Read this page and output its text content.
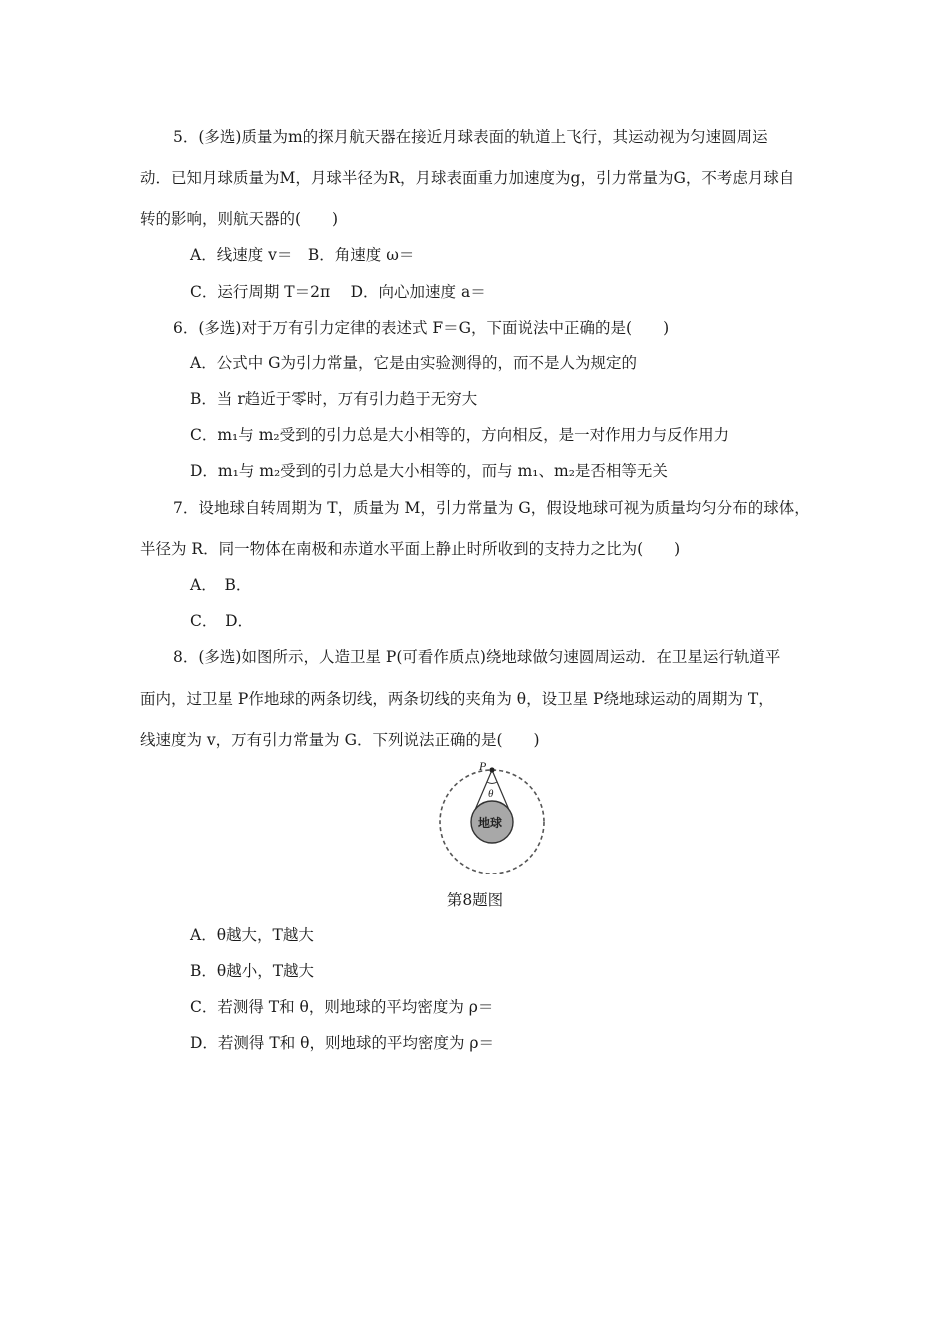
5．(多选)质量为m的探月航天器在接近月球表面的轨道上飞行，其运动视为匀速圆周运
动．已知月球质量为M，月球半径为R，月球表面重力加速度为g，引力常量为G，不考虑月球自
转的影响，则航天器的(　　)
A．线速度 v＝　B．角速度 ω＝
C．运行周期 T＝2π　 D．向心加速度 a＝
6．(多选)对于万有引力定律的表述式 F＝G，下面说法中正确的是(　　)
A．公式中 G为引力常量，它是由实验测得的，而不是人为规定的
B．当 r趋近于零时，万有引力趋于无穷大
C．m₁与 m₂受到的引力总是大小相等的，方向相反，是一对作用力与反作用力
D．m₁与 m₂受到的引力总是大小相等的，而与 m₁、m₂是否相等无关
7．设地球自转周期为 T，质量为 M，引力常量为 G，假设地球可视为质量均匀分布的球体，
半径为 R．同一物体在南极和赤道水平面上静止时所收到的支持力之比为(　　)
A．　B．
C．　D．
8．(多选)如图所示，人造卫星 P(可看作质点)绕地球做匀速圆周运动．在卫星运行轨道平
面内，过卫星 P作地球的两条切线，两条切线的夹角为 θ，设卫星 P绕地球运动的周期为 T，
线速度为 v，万有引力常量为 G．下列说法正确的是(　　)
P
θ
地球
第8题图
A．θ越大，T越大
B．θ越小，T越大
C．若测得 T和 θ，则地球的平均密度为 ρ＝
D．若测得 T和 θ，则地球的平均密度为 ρ＝
